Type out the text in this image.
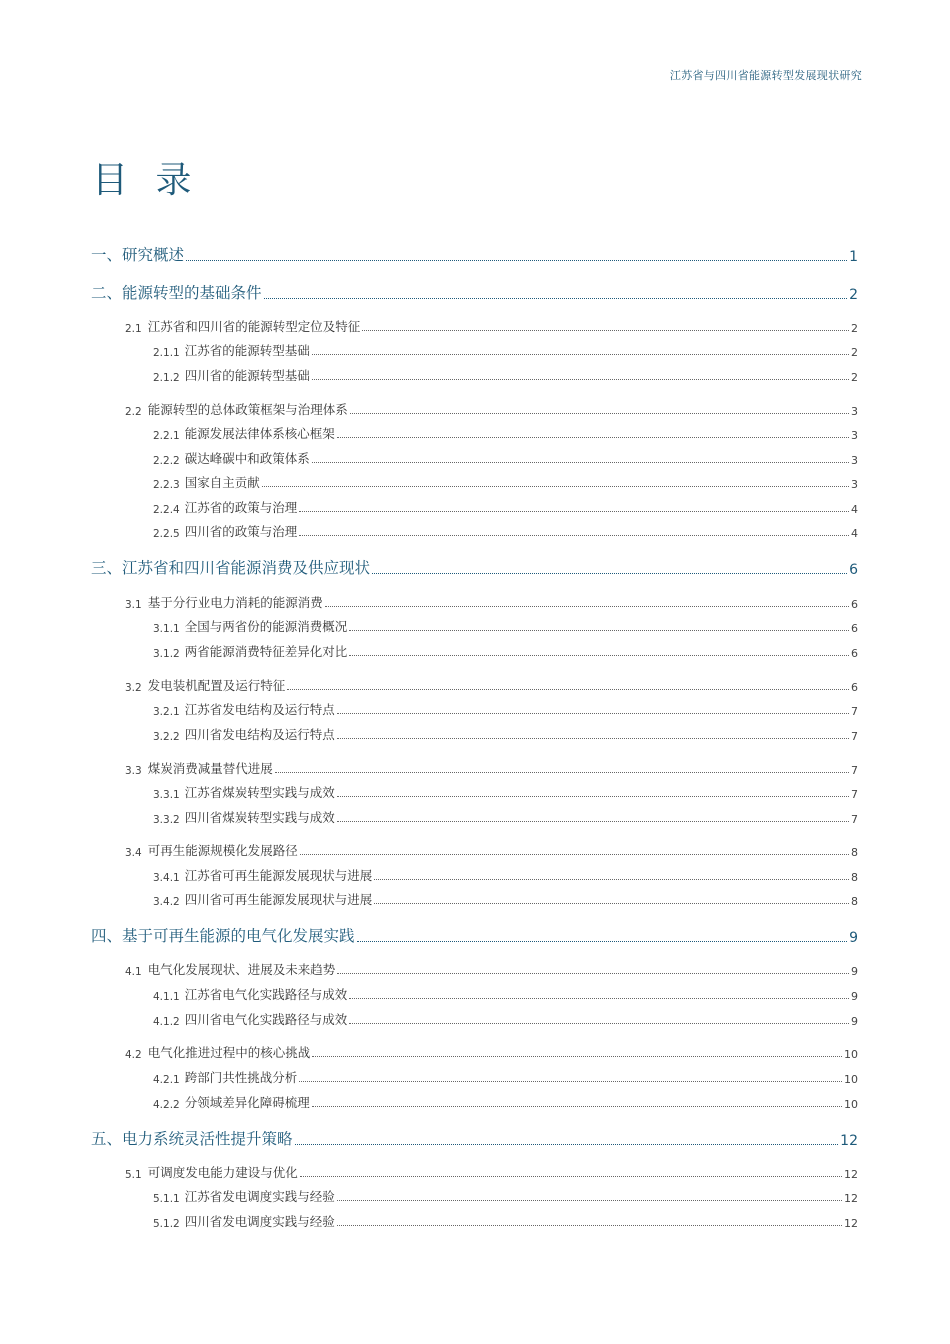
江苏省与四川省能源转型发展现状研究
目 录
一、研究概述	1
二、能源转型的基础条件	2
2.1 江苏省和四川省的能源转型定位及特征	2
2.1.1 江苏省的能源转型基础	2
2.1.2 四川省的能源转型基础	2
2.2 能源转型的总体政策框架与治理体系	3
2.2.1 能源发展法律体系核心框架	3
2.2.2 碳达峰碳中和政策体系	3
2.2.3 国家自主贡献	3
2.2.4 江苏省的政策与治理	4
2.2.5 四川省的政策与治理	4
三、江苏省和四川省能源消费及供应现状	6
3.1 基于分行业电力消耗的能源消费	6
3.1.1 全国与两省份的能源消费概况	6
3.1.2 两省能源消费特征差异化对比	6
3.2 发电装机配置及运行特征	6
3.2.1 江苏省发电结构及运行特点	7
3.2.2 四川省发电结构及运行特点	7
3.3 煤炭消费减量替代进展	7
3.3.1 江苏省煤炭转型实践与成效	7
3.3.2 四川省煤炭转型实践与成效	7
3.4 可再生能源规模化发展路径	8
3.4.1 江苏省可再生能源发展现状与进展	8
3.4.2 四川省可再生能源发展现状与进展	8
四、基于可再生能源的电气化发展实践	9
4.1 电气化发展现状、进展及未来趋势	9
4.1.1 江苏省电气化实践路径与成效	9
4.1.2 四川省电气化实践路径与成效	9
4.2 电气化推进过程中的核心挑战	10
4.2.1 跨部门共性挑战分析	10
4.2.2 分领域差异化障碍梳理	10
五、电力系统灵活性提升策略	12
5.1 可调度发电能力建设与优化	12
5.1.1 江苏省发电调度实践与经验	12
5.1.2 四川省发电调度实践与经验	12
